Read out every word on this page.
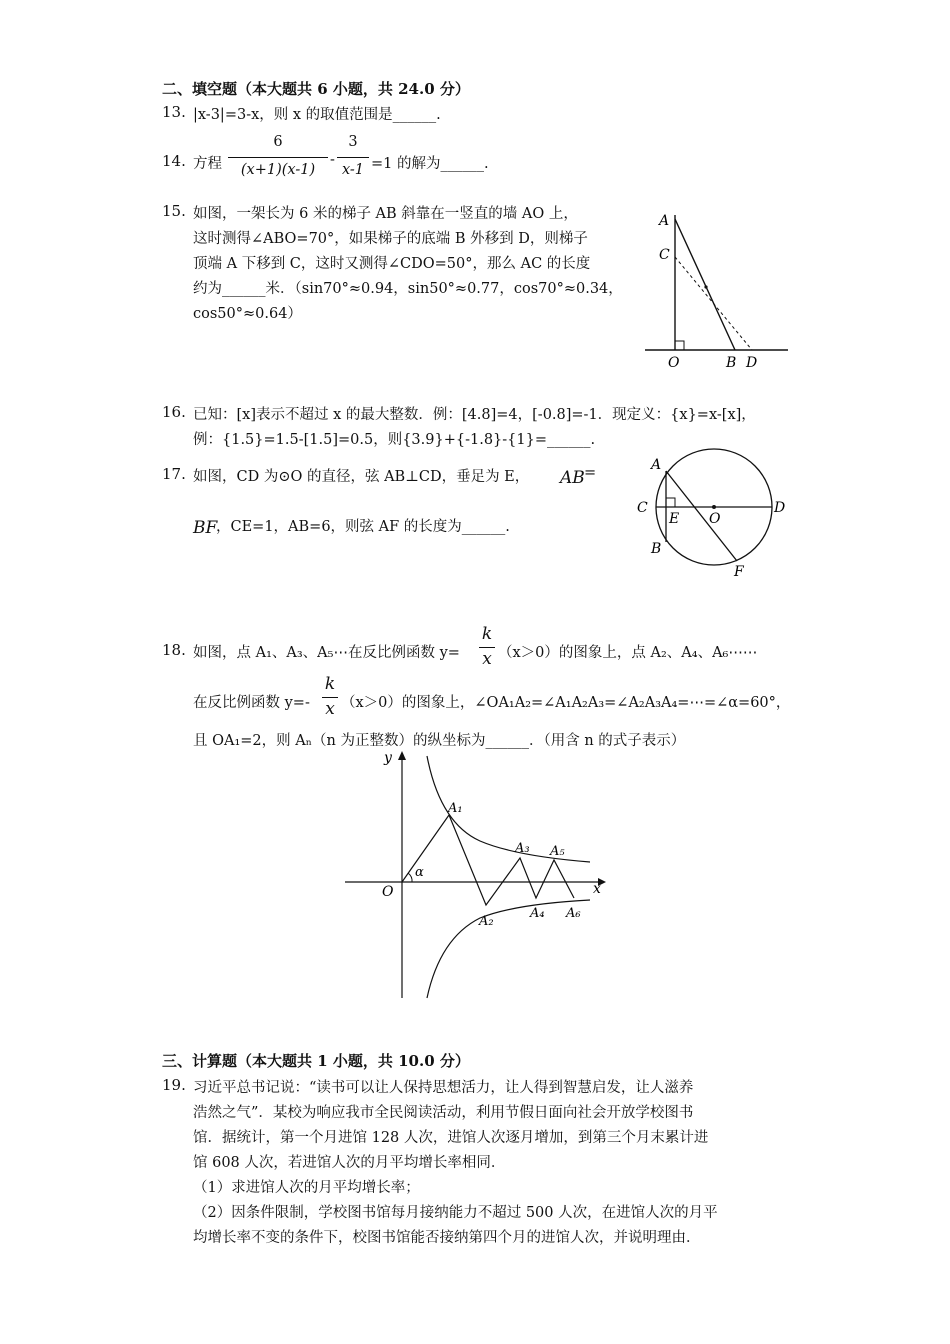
二、填空题（本大题共 6 小题，共 24.0 分）
13. |x-3|=3-x，则 x 的取值范围是______.
14. 方程
6
(x+1)(x-1)
-
3
x-1 =1 的解为______.
15. 如图，一架长为 6 米的梯子 AB 斜靠在一竖直的墙 AO 上，
这时测得∠ABO=70°，如果梯子的底端 B 外移到 D，则梯子
顶端 A 下移到 C，这时又测得∠CDO=50°，那么 AC 的长度
约为______米．（sin70°≈0.94，sin50°≈0.77，cos70°≈0.34，
cos50°≈0.64）
A
C
O	B D
16. 已知：[x]表示不超过 x 的最大整数．例：[4.8]=4，[-0.8]=-1．现定义：{x}=x-[x]，
例：{1.5}=1.5-[1.5]=0.5，则{3.9}+{-1.8}-{1}=______.
17. 如图，CD 为⊙O 的直径，弦 AB⊥CD，垂足为 E， AB =
BF
，CE=1，AB=6，则弦 AF 的长度为______.
A
C
E O
D
B
F
18. 如图，点 A₁、A₃、A₅⋯在反比例函数 y=
k
x （x＞0）的图象上，点 A₂、A₄、A₆⋯⋯
在反比例函数 y=-
k
x （x＞0）的图象上，∠OA₁A₂=∠A₁A₂A₃=∠A₂A₃A₄=⋯=∠α=60°，
且 OA₁=2，则 Aₙ（n 为正整数）的纵坐标为______．（用含 n 的式子表示）
O
y
x
α
A₁
A₂
A₃
A₄
A₅
A₆
三、计算题（本大题共 1 小题，共 10.0 分）
19. 习近平总书记说：“读书可以让人保持思想活力，让人得到智慧启发，让人滋养
浩然之气”．某校为响应我市全民阅读活动，利用节假日面向社会开放学校图书
馆．据统计，第一个月进馆 128 人次，进馆人次逐月增加，到第三个月末累计进
馆 608 人次，若进馆人次的月平均增长率相同．
（1）求进馆人次的月平均增长率；
（2）因条件限制，学校图书馆每月接纳能力不超过 500 人次，在进馆人次的月平
均增长率不变的条件下，校图书馆能否接纳第四个月的进馆人次，并说明理由．
